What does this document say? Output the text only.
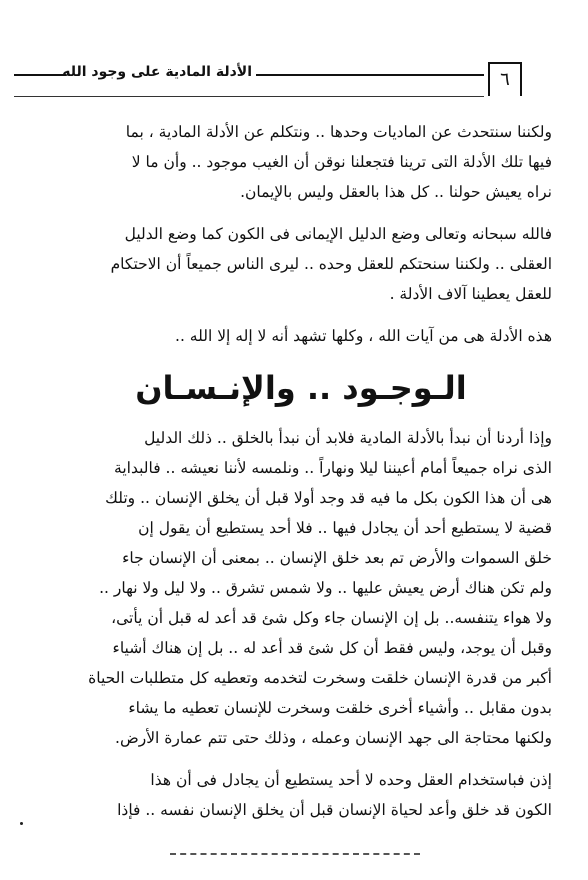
الأدلة المادية على وجود الله	٦
ولكننا سنتحدث عن الماديات وحدها .. ونتكلم عن الأدلة المادية ، بما
فيها تلك الأدلة التى ترينا فتجعلنا نوقن أن الغيب موجود .. وأن ما لا
نراه يعيش حولنا .. كل هذا بالعقل وليس بالإيمان.
فالله سبحانه وتعالى وضع الدليل الإيمانى فى الكون كما وضع الدليل
العقلى .. ولكننا سنحتكم للعقل وحده .. ليرى الناس جميعاً أن الاحتكام
للعقل يعطينا آلاف الأدلة .
هذه الأدلة هى من آيات الله ، وكلها تشهد أنه لا إله إلا الله ..
الـوجـود .. والإنـسـان
وإذا أردنا أن نبدأ بالأدلة المادية فلابد أن نبدأ بالخلق .. ذلك الدليل
الذى نراه جميعاً أمام أعيننا ليلا ونهاراً .. ونلمسه لأننا نعيشه .. فالبداية
هى أن هذا الكون بكل ما فيه قد وجد أولا قبل أن يخلق الإنسان .. وتلك
قضية لا يستطيع أحد أن يجادل فيها .. فلا أحد يستطيع أن يقول إن
خلق السموات والأرض تم بعد خلق الإنسان .. بمعنى أن الإنسان جاء
ولم تكن هناك أرض يعيش عليها .. ولا شمس تشرق .. ولا ليل ولا نهار ..
ولا هواء يتنفسه.. بل إن الإنسان جاء وكل شئ قد أعد له قبل أن يأتى،
وقبل أن يوجد، وليس فقط أن كل شئ قد أعد له .. بل إن هناك أشياء
أكبر من قدرة الإنسان خلقت وسخرت لتخدمه وتعطيه كل متطلبات الحياة
بدون مقابل .. وأشياء أخرى خلقت وسخرت للإنسان تعطيه ما يشاء
ولكنها محتاجة الى جهد الإنسان وعمله ، وذلك حتى تتم عمارة الأرض.
إذن فباستخدام العقل وحده لا أحد يستطيع أن يجادل فى أن هذا
الكون قد خلق وأعد لحياة الإنسان قبل أن يخلق الإنسان نفسه .. فإذا
